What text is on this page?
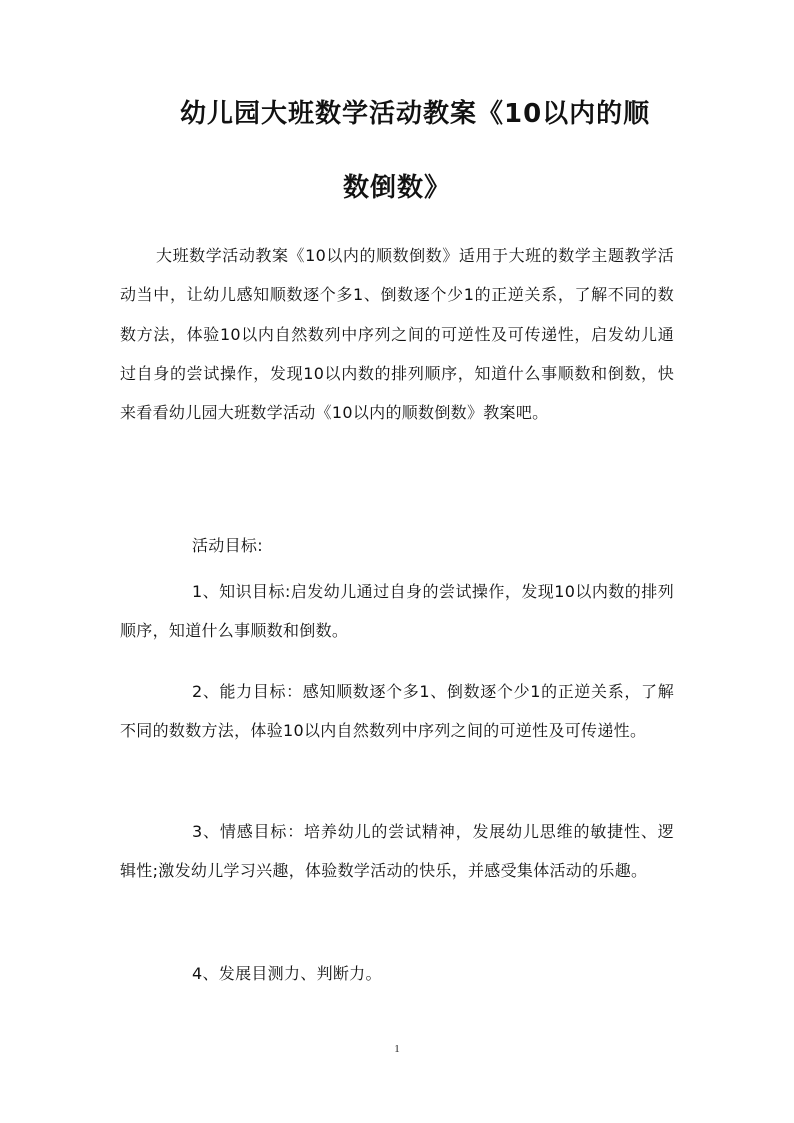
幼儿园大班数学活动教案《10以内的顺
数倒数》
大班数学活动教案《10以内的顺数倒数》适用于大班的数学主题教学活动当中，让幼儿感知顺数逐个多1、倒数逐个少1的正逆关系，了解不同的数数方法，体验10以内自然数列中序列之间的可逆性及可传递性，启发幼儿通过自身的尝试操作，发现10以内数的排列顺序，知道什么事顺数和倒数，快来看看幼儿园大班数学活动《10以内的顺数倒数》教案吧。
活动目标:
1、知识目标:启发幼儿通过自身的尝试操作，发现10以内数的排列顺序，知道什么事顺数和倒数。
2、能力目标：感知顺数逐个多1、倒数逐个少1的正逆关系，了解不同的数数方法，体验10以内自然数列中序列之间的可逆性及可传递性。
3、情感目标：培养幼儿的尝试精神，发展幼儿思维的敏捷性、逻辑性;激发幼儿学习兴趣，体验数学活动的快乐，并感受集体活动的乐趣。
4、发展目测力、判断力。
1
